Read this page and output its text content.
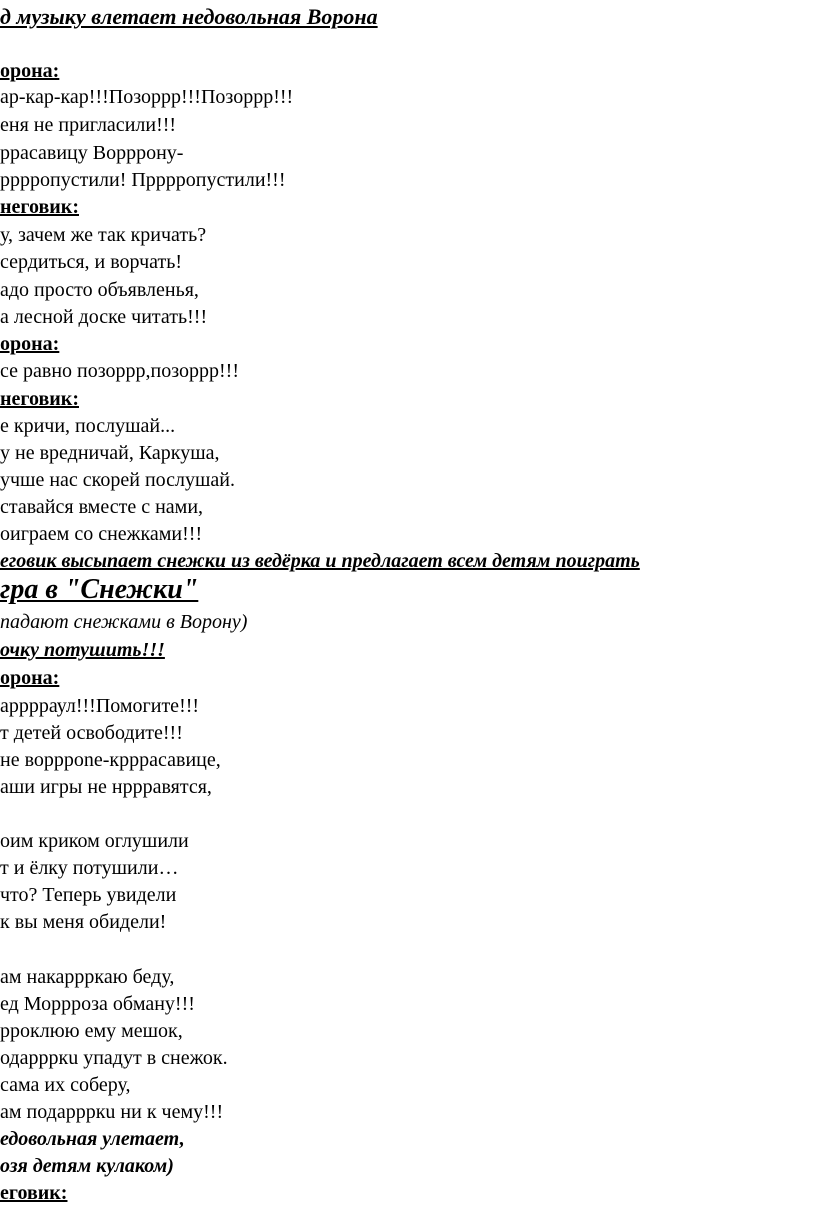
д музыку влетает недовольная Ворона
орона:
ар-кар-кар!!!Позоррр!!!Позоррр!!!
еня не пригласили!!!
ррасавицу Ворррону-
рррропустили! Прррропустили!!!
неговик:
у, зачем же так кричать?
сердиться, и ворчать!
адо просто объявленья,
а лесной доске читать!!!
орона:
се равно позоррр,позоррр!!!
неговик:
е кричи, послушай...
у не вредничай, Каркуша,
учше нас скорей послушай.
ставайся вместе с нами,
оиграем со снежками!!!
еговик высыпает снежки из ведёрка и предлагает всем детям поиграть
гра в "Снежки"
падают снежками в Ворону)
очку потушить!!!
орона:
арррраул!!!Помогите!!!
т детей освободите!!!
не ворррone-крррасавице,
аши игры не нррравятся,
оим криком оглушили
т и ёлку потушили…
что? Теперь увидели
к вы меня обидели!
ам накаррркаю беду,
ед Моррроза обману!!!
рроклюю ему мешок,
одаррркu упадут в снежок.
сама их соберу,
ам подаррркu ни к чему!!!
едовольная улетает,
озя детям кулаком)
еговик:
